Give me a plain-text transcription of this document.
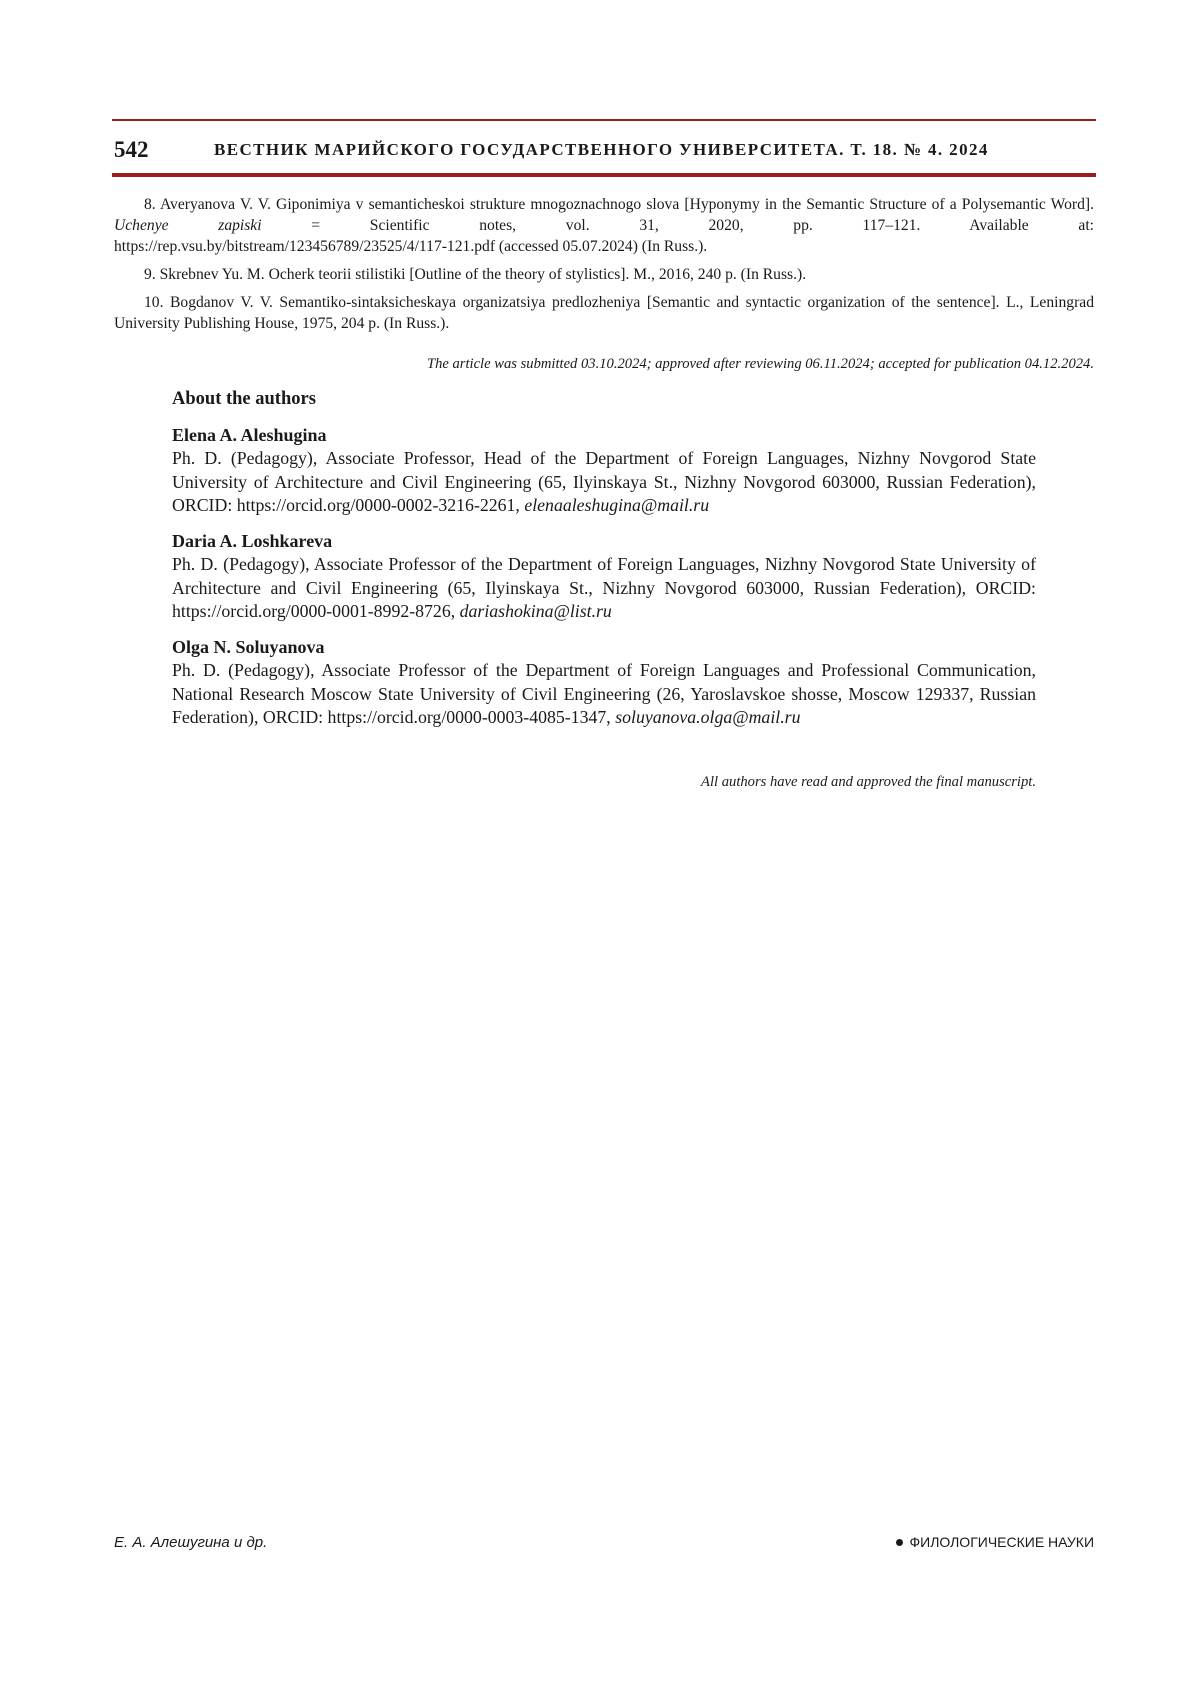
542	ВЕСТНИК МАРИЙСКОГО ГОСУДАРСТВЕННОГО УНИВЕРСИТЕТА. Т. 18. № 4. 2024

8. Averyanova V. V. Giponimiya v semanticheskoi strukture mnogoznachnogo slova [Hyponymy in the Semantic Structure of a Polysemantic Word]. Uchenye zapiski	= Scientific notes, vol. 31, 2020, pp. 117–121. Available at:

https://rep.vsu.by/bitstream/123456789/23525/4/117-121.pdf (accessed 05.07.2024) (In Russ.).

9. Skrebnev Yu. M. Ocherk teorii stilistiki [Outline of the theory of stylistics]. M., 2016, 240 p. (In Russ.).

10. Bogdanov V. V. Semantiko-sintaksicheskaya organizatsiya predlozheniya [Semantic and syntactic organization of the sentence]. L., Leningrad University Publishing House, 1975, 204 p. (In Russ.).

The article was submitted 03.10.2024; approved after reviewing 06.11.2024; accepted for publication 04.12.2024.
About the authors
Elena A. Aleshugina
Ph. D. (Pedagogy), Associate Professor, Head of the Department of Foreign Languages, Nizhny Novgorod State University of Architecture and Civil Engineering (65, Ilyinskaya St., Nizhny Novgorod 603000, Russian Federation), ORCID: https://orcid.org/0000-0002-3216-2261, elenaaleshugina@mail.ru
Daria A. Loshkareva
Ph. D. (Pedagogy), Associate Professor of the Department of Foreign Languages, Nizhny Novgorod State University of Architecture and Civil Engineering (65, Ilyinskaya St., Nizhny Novgorod 603000, Russian Federation), ORCID: https://orcid.org/0000-0001-8992-8726, dariashokina@list.ru
Olga N. Soluyanova
Ph. D. (Pedagogy), Associate Professor of the Department of Foreign Languages and Professional Communication, National Research Moscow State University of Civil Engineering (26, Yaroslavskoe shosse, Moscow 129337, Russian Federation), ORCID: https://orcid.org/0000-0003-4085-1347, soluyanova.olga@mail.ru
All authors have read and approved the final manuscript.
Е. А. Алешугина и др.	ФИЛОЛОГИЧЕСКИЕ НАУКИ
